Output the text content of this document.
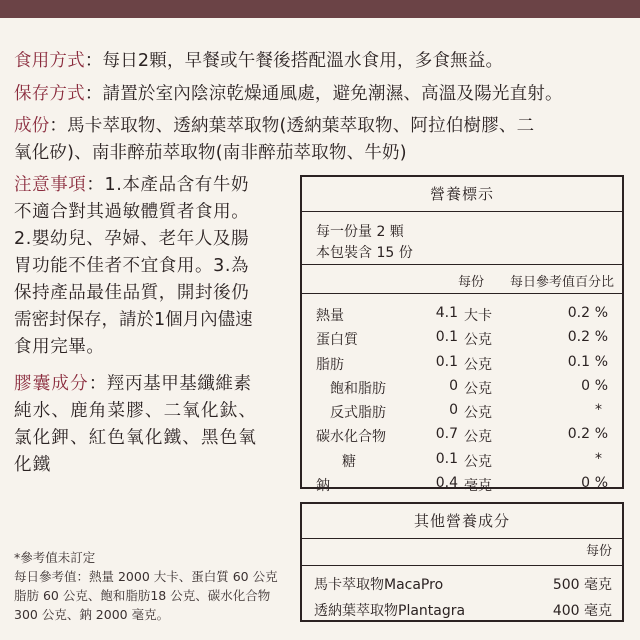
食用方式：每日2顆，早餐或午餐後搭配溫水食用，多食無益。
保存方式：請置於室內陰涼乾燥通風處，避免潮濕、高溫及陽光直射。
成份：馬卡萃取物、透納葉萃取物(透納葉萃取物、阿拉伯樹膠、二
氧化矽)、南非醉茄萃取物(南非醉茄萃取物、牛奶)
注意事項：1.本產品含有牛奶
不適合對其過敏體質者食用。
2.嬰幼兒、孕婦、老年人及腸
胃功能不佳者不宜食用。3.為
保持產品最佳品質，開封後仍
需密封保存，請於1個月內儘速
食用完畢。
膠囊成分：羥丙基甲基纖維素
純水、鹿角菜膠、二氧化鈦、
氯化鉀、紅色氧化鐵、黑色氧
化鐵
*參考值未訂定
每日參考值：熱量 2000 大卡、蛋白質 60 公克
脂肪 60 公克、飽和脂肪18 公克、碳水化合物
300 公克、鈉 2000 毫克。
營養標示
每一份量 2 顆
本包裝含 15 份
每份 每日參考值百分比
熱量	4.1 大卡	0.2 %
蛋白質	0.1 公克	0.2 %
脂肪	0.1 公克	0.1 %
飽和脂肪	0 公克	0 %
反式脂肪	0 公克	*
碳水化合物	0.7 公克	0.2 %
糖	0.1 公克	*
鈉	0.4 毫克	0 %
其他營養成分
每份
馬卡萃取物MacaPro	500 毫克
透納葉萃取物Plantagra	400 毫克
